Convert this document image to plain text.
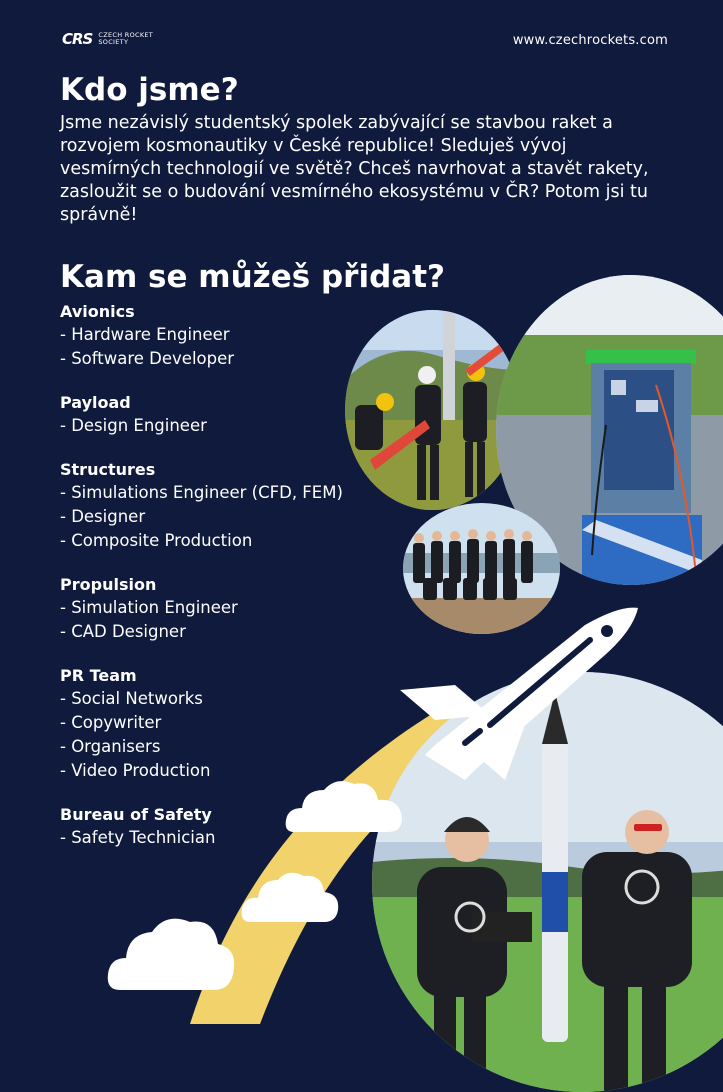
CRS CZECH ROCKET
SOCIETY	www.czechrockets.com
Kdo jsme?

Jsme nezávislý studentský spolek zabývající se stavbou raket a rozvojem kosmonautiky v České republice! Sleduješ vývoj vesmírných technologií ve světě? Chceš navrhovat a stavět rakety, zasloužit se o budování vesmírného ekosystému v ČR? Potom jsi tu správně!

Kam se můžeš přidat?
Avionics
- Hardware Engineer
- Software Developer
Payload
- Design Engineer
Structures
- Simulations Engineer (CFD, FEM)
- Designer
- Composite Production
Propulsion
- Simulation Engineer
- CAD Designer
PR Team
- Social Networks
- Copywriter
- Organisers
- Video Production
Bureau of Safety
- Safety Technician
